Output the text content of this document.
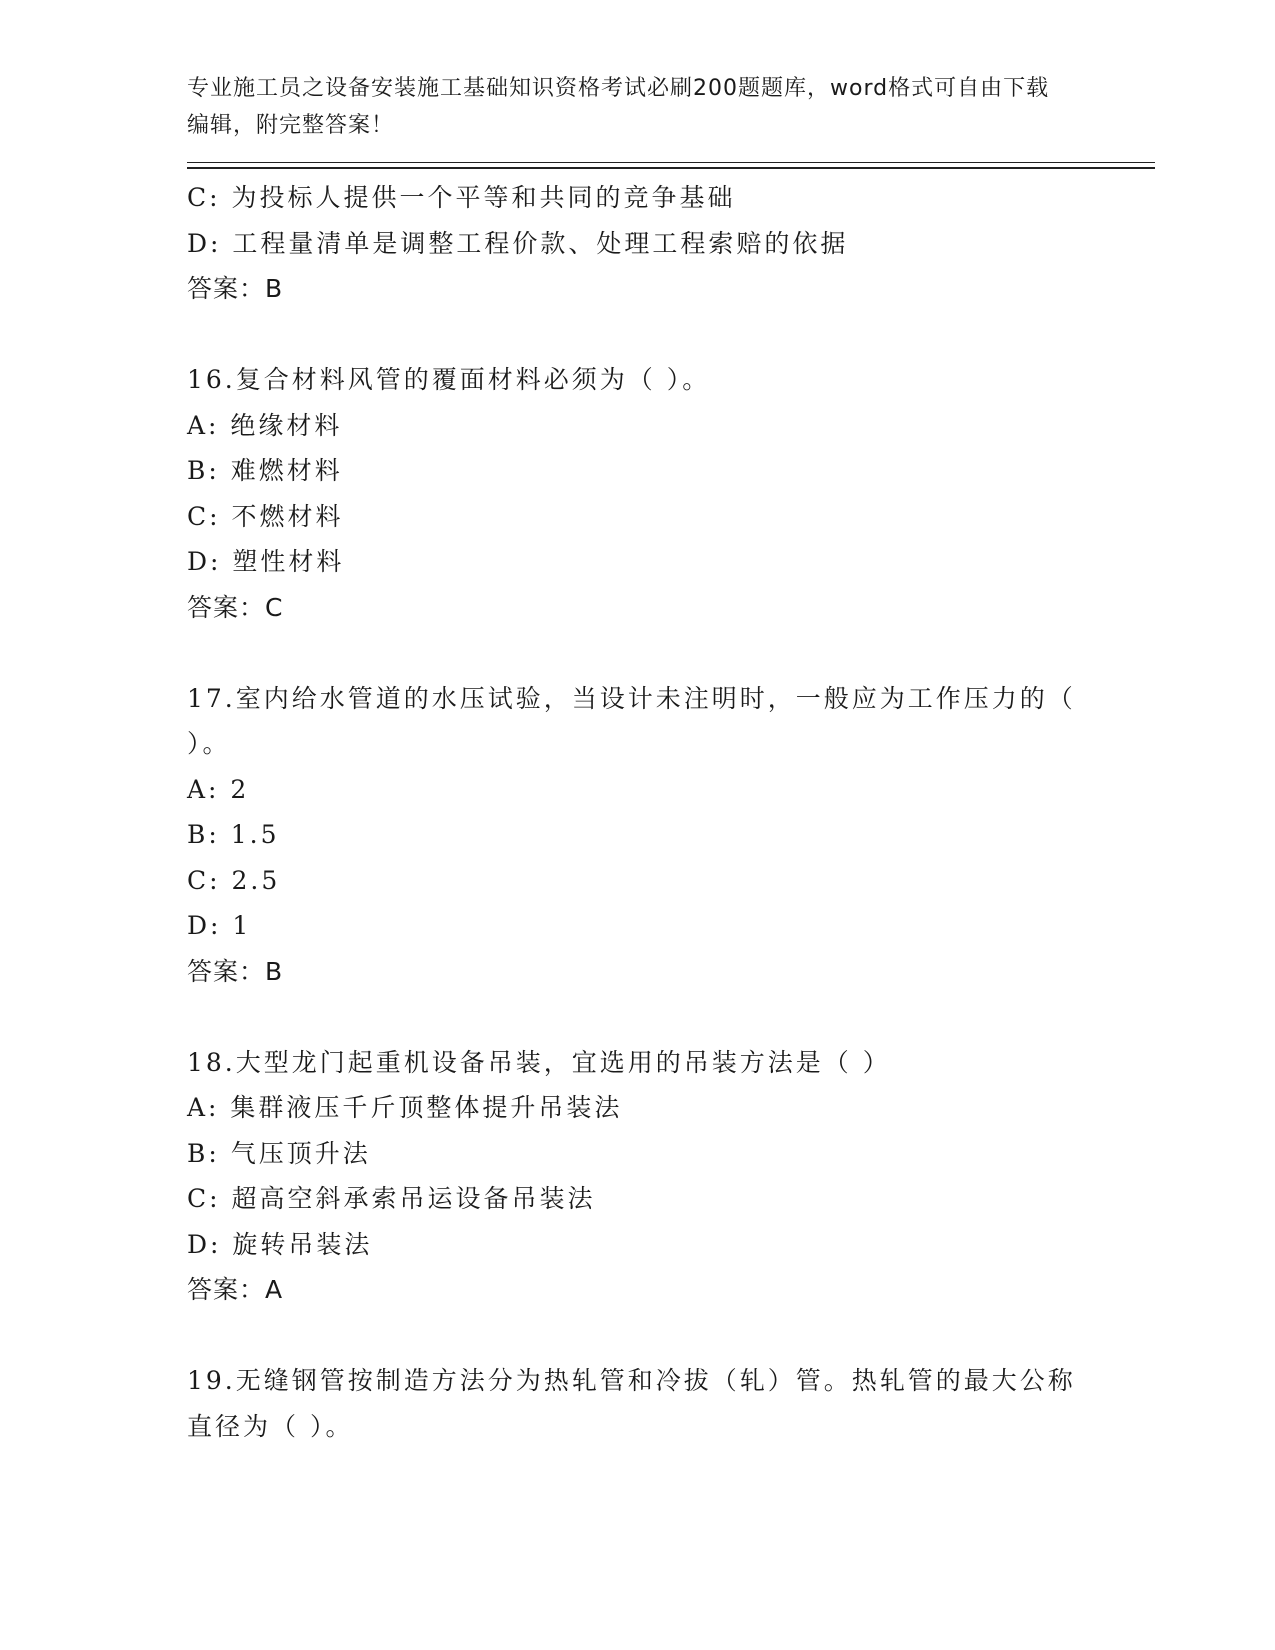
专业施工员之设备安装施工基础知识资格考试必刷200题题库，word格式可自由下载编辑，附完整答案！

C: 为投标人提供一个平等和共同的竞争基础
D: 工程量清单是调整工程价款、处理工程索赔的依据
答案：B
16.复合材料风管的覆面材料必须为（ ）。
A: 绝缘材料
B: 难燃材料
C: 不燃材料
D: 塑性材料
答案：C
17.室内给水管道的水压试验，当设计未注明时，一般应为工作压力的（ ）。
A: 2
B: 1.5
C: 2.5
D: 1
答案：B
18.大型龙门起重机设备吊装，宜选用的吊装方法是（ ）
A: 集群液压千斤顶整体提升吊装法
B: 气压顶升法
C: 超高空斜承索吊运设备吊装法
D: 旋转吊装法
答案：A
19.无缝钢管按制造方法分为热轧管和冷拔（轧）管。热轧管的最大公称直径为（ ）。
